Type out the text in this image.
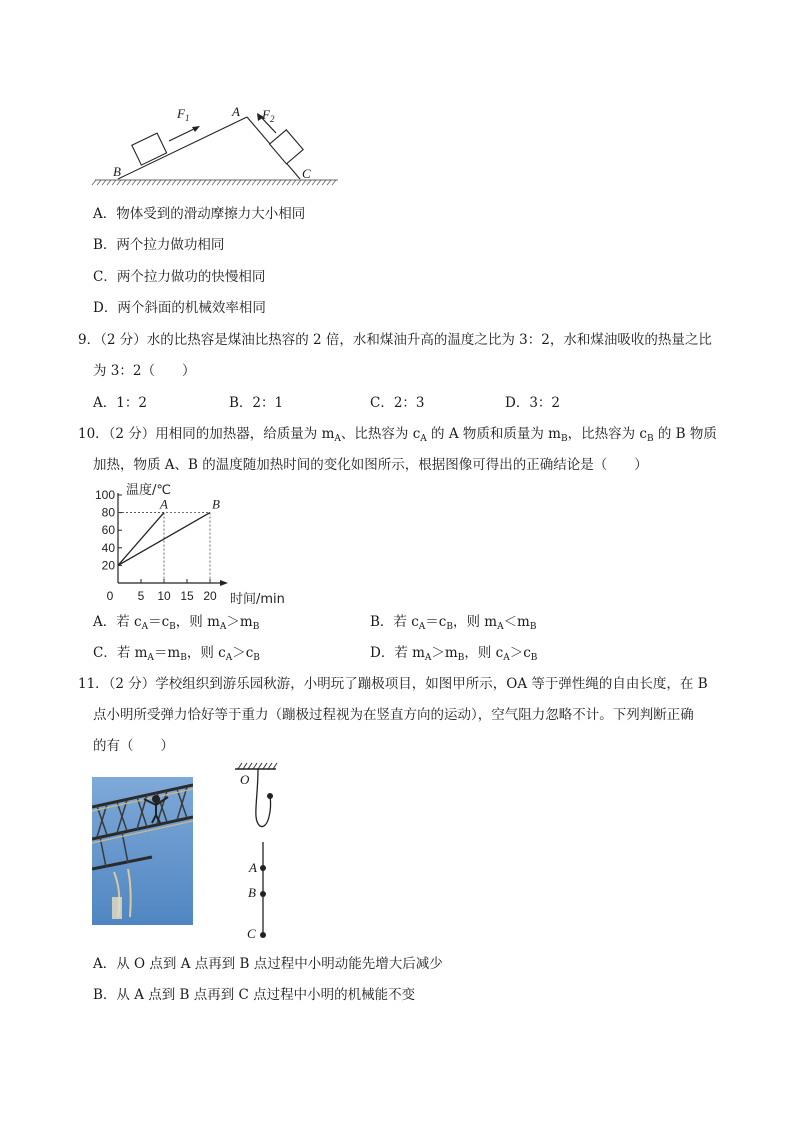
$F_1$	A $F_2$
B	C
A．物体受到的滑动摩擦力大小相同
B．两个拉力做功相同
C．两个拉力做功的快慢相同
D．两个斜面的机械效率相同
9．（2 分）水的比热容是煤油比热容的 2 倍，水和煤油升高的温度之比为 3：2，水和煤油吸收的热量之比
为 3：2（　　）
A．1：2	B．2：1	C．2：3	D．3：2
10．（2 分）用相同的加热器，给质量为 $m_A$、比热容为 $c_A$ 的 A 物质和质量为 $m_B$，比热容为 $c_B$ 的 B 物质
加热，物质 A、B 的温度随加热时间的变化如图所示，根据图像可得出的正确结论是（　　）
20
40
60
80
100
0 5 10 15 20
A	B
温度/℃
时间/min
A．若 $c_A=c_B$，则 $m_A>m_B$	B．若 $c_A=c_B$，则 $m_A<m_B$
C．若 $m_A=m_B$，则 $c_A>c_B$	D．若 $m_A>m_B$，则 $c_A>c_B$
11．（2 分）学校组织到游乐园秋游，小明玩了蹦极项目，如图甲所示，OA 等于弹性绳的自由长度，在 B
点小明所受弹力恰好等于重力（蹦极过程视为在竖直方向的运动），空气阻力忽略不计。下列判断正确
的有（　　）
O
A
B
C
A．从 O 点到 A 点再到 B 点过程中小明动能先增大后减少
B．从 A 点到 B 点再到 C 点过程中小明的机械能不变
